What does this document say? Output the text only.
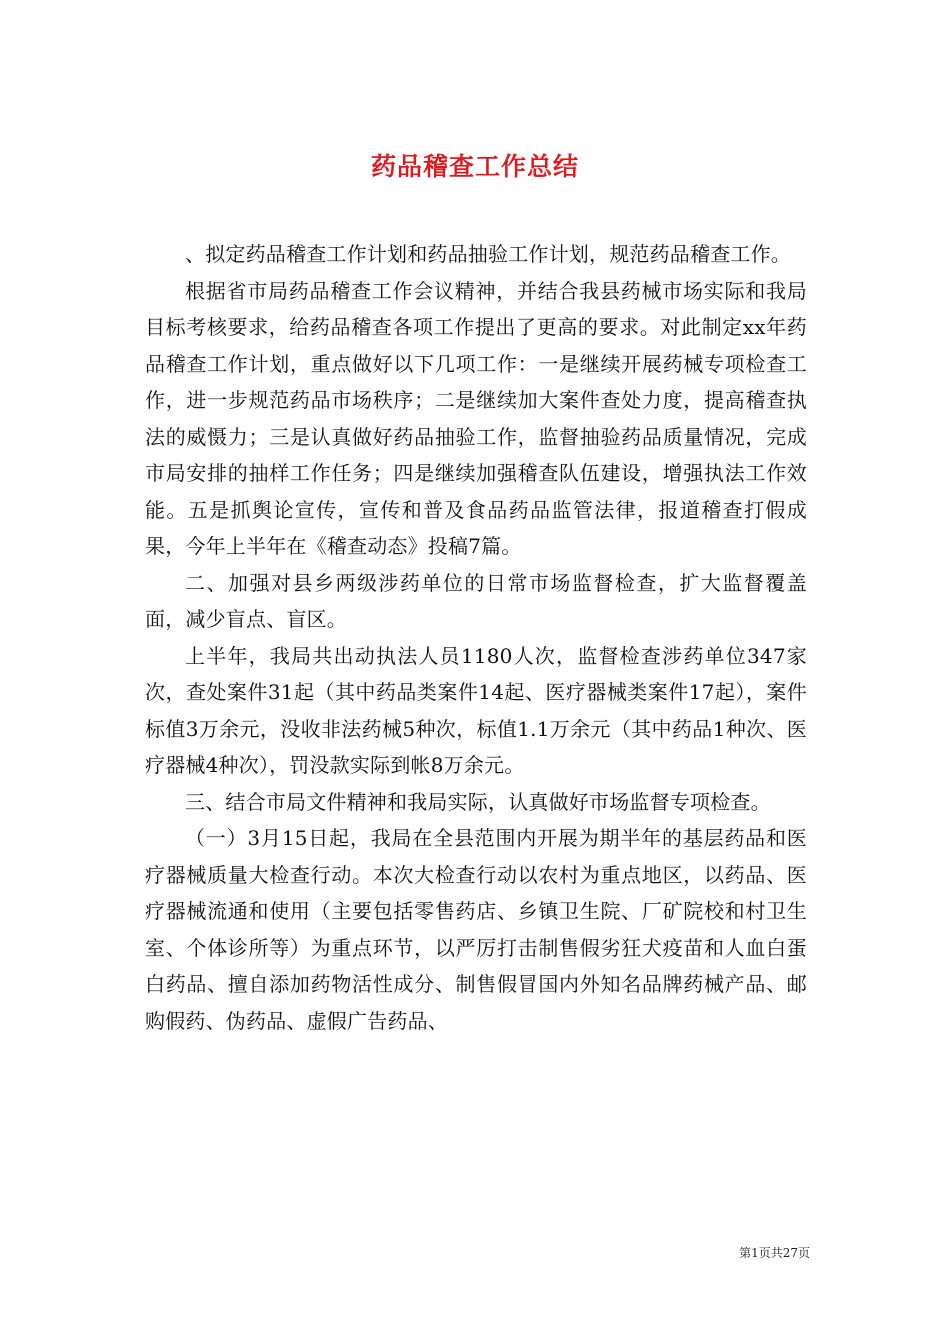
药品稽查工作总结

、拟定药品稽查工作计划和药品抽验工作计划，规范药品稽查工作。

根据省市局药品稽查工作会议精神，并结合我县药械市场实际和我局目标考核要求，给药品稽查各项工作提出了更高的要求。对此制定xx年药品稽查工作计划，重点做好以下几项工作：一是继续开展药械专项检查工作，进一步规范药品市场秩序；二是继续加大案件查处力度，提高稽查执法的威慑力；三是认真做好药品抽验工作，监督抽验药品质量情况，完成市局安排的抽样工作任务；四是继续加强稽查队伍建设，增强执法工作效能。五是抓舆论宣传，宣传和普及食品药品监管法律，报道稽查打假成果，今年上半年在《稽查动态》投稿7篇。

二、加强对县乡两级涉药单位的日常市场监督检查，扩大监督覆盖面，减少盲点、盲区。

上半年，我局共出动执法人员1180人次，监督检查涉药单位347家次，查处案件31起（其中药品类案件14起、医疗器械类案件17起），案件标值3万余元，没收非法药械5种次，标值1.1万余元（其中药品1种次、医疗器械4种次），罚没款实际到帐8万余元。

三、结合市局文件精神和我局实际，认真做好市场监督专项检查。

（一）3月15日起，我局在全县范围内开展为期半年的基层药品和医疗器械质量大检查行动。本次大检查行动以农村为重点地区，以药品、医疗器械流通和使用（主要包括零售药店、乡镇卫生院、厂矿院校和村卫生室、个体诊所等）为重点环节，以严厉打击制售假劣狂犬疫苗和人血白蛋白药品、擅自添加药物活性成分、制售假冒国内外知名品牌药械产品、邮购假药、伪药品、虚假广告药品、

第1页共27页
